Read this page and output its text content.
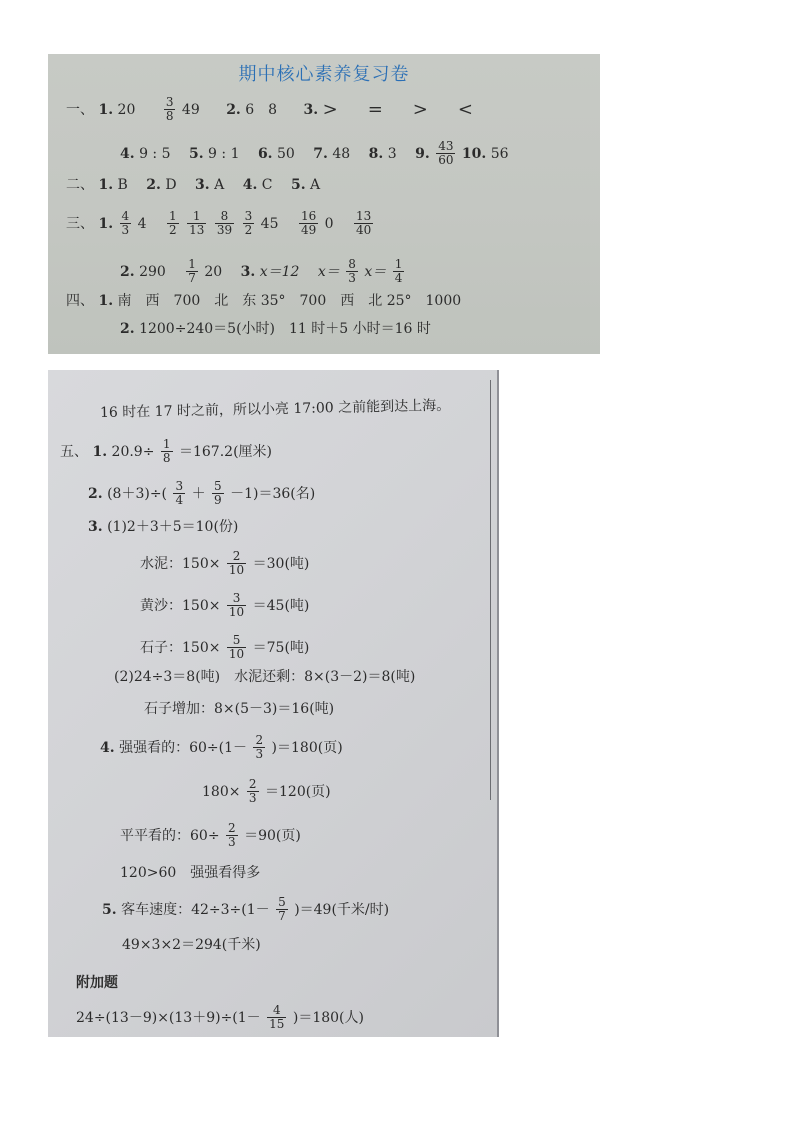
期中核心素养复习卷
一、 1. $20 \frac{3}{8} 49$ 2. 6　8 3. >　=　>　<
4. 9 : 5 5. 9 : 1 6. 50 7. 48 8. 3 9. $\frac{43}{60} 10$. 56
二、 1. B 2. D 3. A 4. C 5. A
三、 1. $\frac{4}{3} 4 \frac{1}{2}$
$\frac{1}{13}$
$\frac{8}{39}$
$\frac{3}{2} 45 \frac{16}{49} 0 \frac{13}{40}$
2. $290 \frac{1}{7} 20$ 3. x＝12 $x= \frac{8}{3} x= \frac{1}{4}$
四、 1. 南　西　700　北　东 35°　700　西　北 25°　1000
2. 1200÷240＝5(小时)　11 时＋5 小时＝16 时
16 时在 17 时之前，所以小亮 17:00 之前能到达上海。
五、 1. $20.9\div \frac{1}{8} =167.2$(厘米)
2. $(8+3)\div( \frac{3}{4} + \frac{5}{9} -1)=36$(名)
3. (1)2＋3＋5＝10(份)
水泥：$150\times \frac{2}{10} =30$(吨)
黄沙：$150\times \frac{3}{10} =45$(吨)
石子：$150\times \frac{5}{10} =75$(吨)
(2)24÷3＝8(吨)　水泥还剩：8×(3－2)＝8(吨)
石子增加：8×(5－3)＝16(吨)
4. 强强看的：$60\div(1- \frac{2}{3} )=180$(页)
$180\times \frac{2}{3} =120$(页)
平平看的：$60\div \frac{2}{3} =90$(页)
120>60　强强看得多
5. 客车速度：$42\div 3\div(1- \frac{5}{7} )=49$(千米/时)
49×3×2＝294(千米)
附加题
$24\div(13-9)\times(13+9)\div(1- \frac{4}{15} )=180$(人)
